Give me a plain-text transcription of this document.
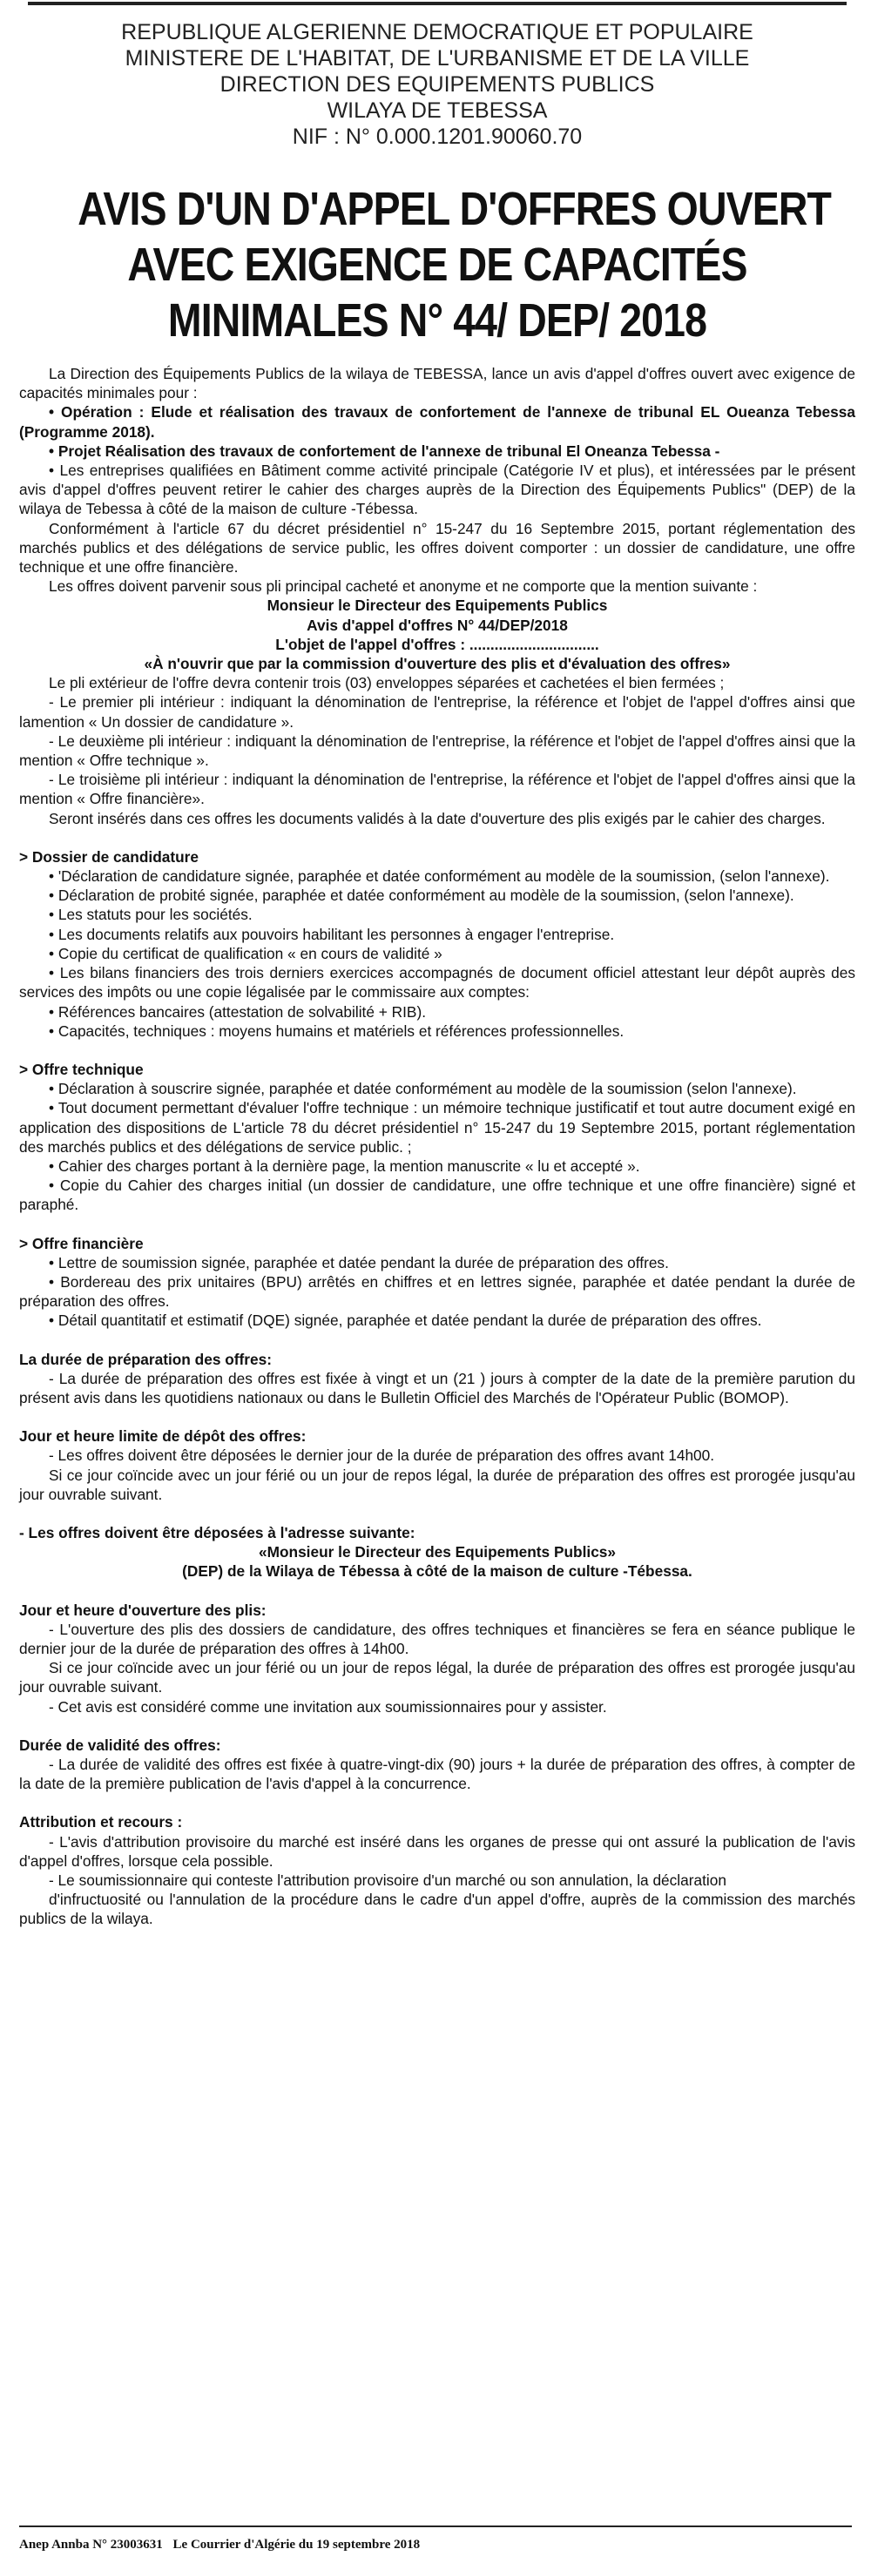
REPUBLIQUE ALGERIENNE DEMOCRATIQUE ET POPULAIRE
MINISTERE DE L'HABITAT, DE L'URBANISME ET DE LA VILLE
DIRECTION DES EQUIPEMENTS PUBLICS
WILAYA DE TEBESSA
NIF : N° 0.000.1201.90060.70
AVIS D'UN D'APPEL D'OFFRES OUVERT
AVEC EXIGENCE DE CAPACITÉS
MINIMALES N° 44/ DEP/ 2018

La Direction des Équipements Publics de la wilaya de TEBESSA, lance un avis d'appel d'offres ouvert avec exigence de capacités minimales pour :

• Opération : Elude et réalisation des travaux de confortement de l'annexe de tribunal EL Oueanza Tebessa (Programme 2018).

• Projet Réalisation des travaux de confortement de l'annexe de tribunal El Oneanza Tebessa -

• Les entreprises qualifiées en Bâtiment comme activité principale (Catégorie IV et plus), et intéressées par le présent avis d'appel d'offres peuvent retirer le cahier des charges auprès de la Direction des Équipements Publics" (DEP) de la wilaya de Tebessa à côté de la maison de culture -Tébessa.

Conformément à l'article 67 du décret présidentiel n° 15-247 du 16 Septembre 2015, portant réglementation des marchés publics et des délégations de service public, les offres doivent comporter : un dossier de candidature, une offre technique et une offre financière.

Les offres doivent parvenir sous pli principal cacheté et anonyme et ne comporte que la mention suivante :

Monsieur le Directeur des Equipements Publics

Avis d'appel d'offres N° 44/DEP/2018

L'objet de l'appel d'offres : ...............................

«À n'ouvrir que par la commission d'ouverture des plis et d'évaluation des offres»

Le pli extérieur de l'offre devra contenir trois (03) enveloppes séparées et cachetées el bien fermées ;

- Le premier pli intérieur : indiquant la dénomination de l'entreprise, la référence et l'objet de l'appel d'offres ainsi que lamention « Un dossier de candidature ».

- Le deuxième pli intérieur : indiquant la dénomination de l'entreprise, la référence et l'objet de l'appel d'offres ainsi que la mention « Offre technique ».

- Le troisième pli intérieur : indiquant la dénomination de l'entreprise, la référence et l'objet de l'appel d'offres ainsi que la mention « Offre financière».

Seront insérés dans ces offres les documents validés à la date d'ouverture des plis exigés par le cahier des charges.

> Dossier de candidature

• 'Déclaration de candidature signée, paraphée et datée conformément au modèle de la soumission, (selon l'annexe).

• Déclaration de probité signée, paraphée et datée conformément au modèle de la soumission, (selon l'annexe).

• Les statuts pour les sociétés.

• Les documents relatifs aux pouvoirs habilitant les personnes à engager l'entreprise.

• Copie du certificat de qualification « en cours de validité »

• Les bilans financiers des trois derniers exercices accompagnés de document officiel attestant leur dépôt auprès des services des impôts ou une copie légalisée par le commissaire aux comptes:

• Références bancaires (attestation de solvabilité + RIB).

• Capacités, techniques : moyens humains et matériels et références professionnelles.

> Offre technique

• Déclaration à souscrire signée, paraphée et datée conformément au modèle de la soumission (selon l'annexe).

• Tout document permettant d'évaluer l'offre technique : un mémoire technique justificatif et tout autre document exigé en application des dispositions de L'article 78 du décret présidentiel n° 15-247 du 19 Septembre 2015, portant réglementation des marchés publics et des délégations de service public. ;

• Cahier des charges portant à la dernière page, la mention manuscrite « lu et accepté ».

• Copie du Cahier des charges initial (un dossier de candidature, une offre technique et une offre financière) signé et paraphé.

> Offre financière

• Lettre de soumission signée, paraphée et datée pendant la durée de préparation des offres.

• Bordereau des prix unitaires (BPU) arrêtés en chiffres et en lettres signée, paraphée et datée pendant la durée de préparation des offres.

• Détail quantitatif et estimatif (DQE) signée, paraphée et datée pendant la durée de préparation des offres.

La durée de préparation des offres:

- La durée de préparation des offres est fixée à vingt et un (21 ) jours à compter de la date de la première parution du présent avis dans les quotidiens nationaux ou dans le Bulletin Officiel des Marchés de l'Opérateur Public (BOMOP).

Jour et heure limite de dépôt des offres:

- Les offres doivent être déposées le dernier jour de la durée de préparation des offres avant 14h00.

Si ce jour coïncide avec un jour férié ou un jour de repos légal, la durée de préparation des offres est prorogée jusqu'au jour ouvrable suivant.

- Les offres doivent être déposées à l'adresse suivante:

«Monsieur le Directeur des Equipements Publics»

(DEP) de la Wilaya de Tébessa à côté de la maison de culture -Tébessa.

Jour et heure d'ouverture des plis:

- L'ouverture des plis des dossiers de candidature, des offres techniques et financières se fera en séance publique le dernier jour de la durée de préparation des offres à 14h00.

Si ce jour coïncide avec un jour férié ou un jour de repos légal, la durée de préparation des offres est prorogée jusqu'au jour ouvrable suivant.

- Cet avis est considéré comme une invitation aux soumissionnaires pour y assister.

Durée de validité des offres:

- La durée de validité des offres est fixée à quatre-vingt-dix (90) jours + la durée de préparation des offres, à compter de la date de la première publication de l'avis d'appel à la concurrence.

Attribution et recours :

- L'avis d'attribution provisoire du marché est inséré dans les organes de presse qui ont assuré la publication de l'avis d'appel d'offres, lorsque cela possible.

- Le soumissionnaire qui conteste l'attribution provisoire d'un marché ou son annulation, la déclaration

d'infructuosité ou l'annulation de la procédure dans le cadre d'un appel d'offre, auprès de la commission des marchés publics de la wilaya.

Anep Annba N° 23003631 Le Courrier d'Algérie du 19 septembre 2018
